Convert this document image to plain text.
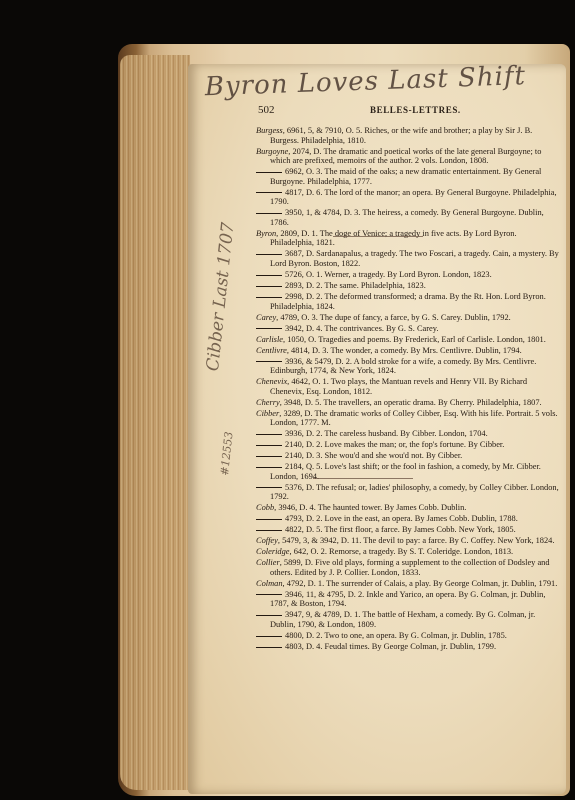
Byron Loves Last Shift
502	BELLES-LETTRES.
Burgess, 6961, 5, & 7910, O. 5. Riches, or the wife and brother; a play by Sir J. B. Burgess. Philadelphia, 1810.
Burgoyne, 2074, D. The dramatic and poetical works of the late general Burgoyne; to which are prefixed, memoirs of the author. 2 vols. London, 1808.
6962, O. 3. The maid of the oaks; a new dramatic entertainment. By General Burgoyne. Philadelphia, 1777.
4817, D. 6. The lord of the manor; an opera. By General Burgoyne. Philadelphia, 1790.
3950, 1, & 4784, D. 3. The heiress, a comedy. By General Burgoyne. Dublin, 1786.
Byron, 2809, D. 1. The doge of Venice; a tragedy in five acts. By Lord Byron. Philadelphia, 1821.
3687, D. Sardanapalus, a tragedy. The two Foscari, a tragedy. Cain, a mystery. By Lord Byron. Boston, 1822.
5726, O. 1. Werner, a tragedy. By Lord Byron. London, 1823.
2893, D. 2. The same. Philadelphia, 1823.
2998, D. 2. The deformed transformed; a drama. By the Rt. Hon. Lord Byron. Philadelphia, 1824.
Carey, 4789, O. 3. The dupe of fancy, a farce, by G. S. Carey. Dublin, 1792.
3942, D. 4. The contrivances. By G. S. Carey.
Carlisle, 1050, O. Tragedies and poems. By Frederick, Earl of Carlisle. London, 1801.
Centlivre, 4814, D. 3. The wonder, a comedy. By Mrs. Centlivre. Dublin, 1794.
3936, & 5479, D. 2. A bold stroke for a wife, a comedy. By Mrs. Centlivre. Edinburgh, 1774, & New York, 1824.
Chenevix, 4642, O. 1. Two plays, the Mantuan revels and Henry VII. By Richard Chenevix, Esq. London, 1812.
Cherry, 3948, D. 5. The travellers, an operatic drama. By Cherry. Philadelphia, 1807.
Cibber, 3289, D. The dramatic works of Colley Cibber, Esq. With his life. Portrait. 5 vols. London, 1777. M.
3936, D. 2. The careless husband. By Cibber. London, 1704.
2140, D. 2. Love makes the man; or, the fop's fortune. By Cibber.
2140, D. 3. She wou'd and she wou'd not. By Cibber.
2184, Q. 5. Love's last shift; or the fool in fashion, a comedy, by Mr. Cibber. London, 1694.
5376, D. The refusal; or, ladies' philosophy, a comedy, by Colley Cibber. London, 1792.
Cobb, 3946, D. 4. The haunted tower. By James Cobb. Dublin.
4793, D. 2. Love in the east, an opera. By James Cobb. Dublin, 1788.
4822, D. 5. The first floor, a farce. By James Cobb. New York, 1805.
Coffey, 5479, 3, & 3942, D. 11. The devil to pay: a farce. By C. Coffey. New York, 1824.
Coleridge, 642, O. 2. Remorse, a tragedy. By S. T. Coleridge. London, 1813.
Collier, 5899, D. Five old plays, forming a supplement to the collection of Dodsley and others. Edited by J. P. Collier. London, 1833.
Colman, 4792, D. 1. The surrender of Calais, a play. By George Colman, jr. Dublin, 1791.
3946, 11, & 4795, D. 2. Inkle and Yarico, an opera. By G. Colman, jr. Dublin, 1787, & Boston, 1794.
3947, 9, & 4789, D. 1. The battle of Hexham, a comedy. By G. Colman, jr. Dublin, 1790, & London, 1809.
4800, D. 2. Two to one, an opera. By G. Colman, jr. Dublin, 1785.
4803, D. 4. Feudal times. By George Colman, jr. Dublin, 1799.
Cibber Last 1707
#12553
